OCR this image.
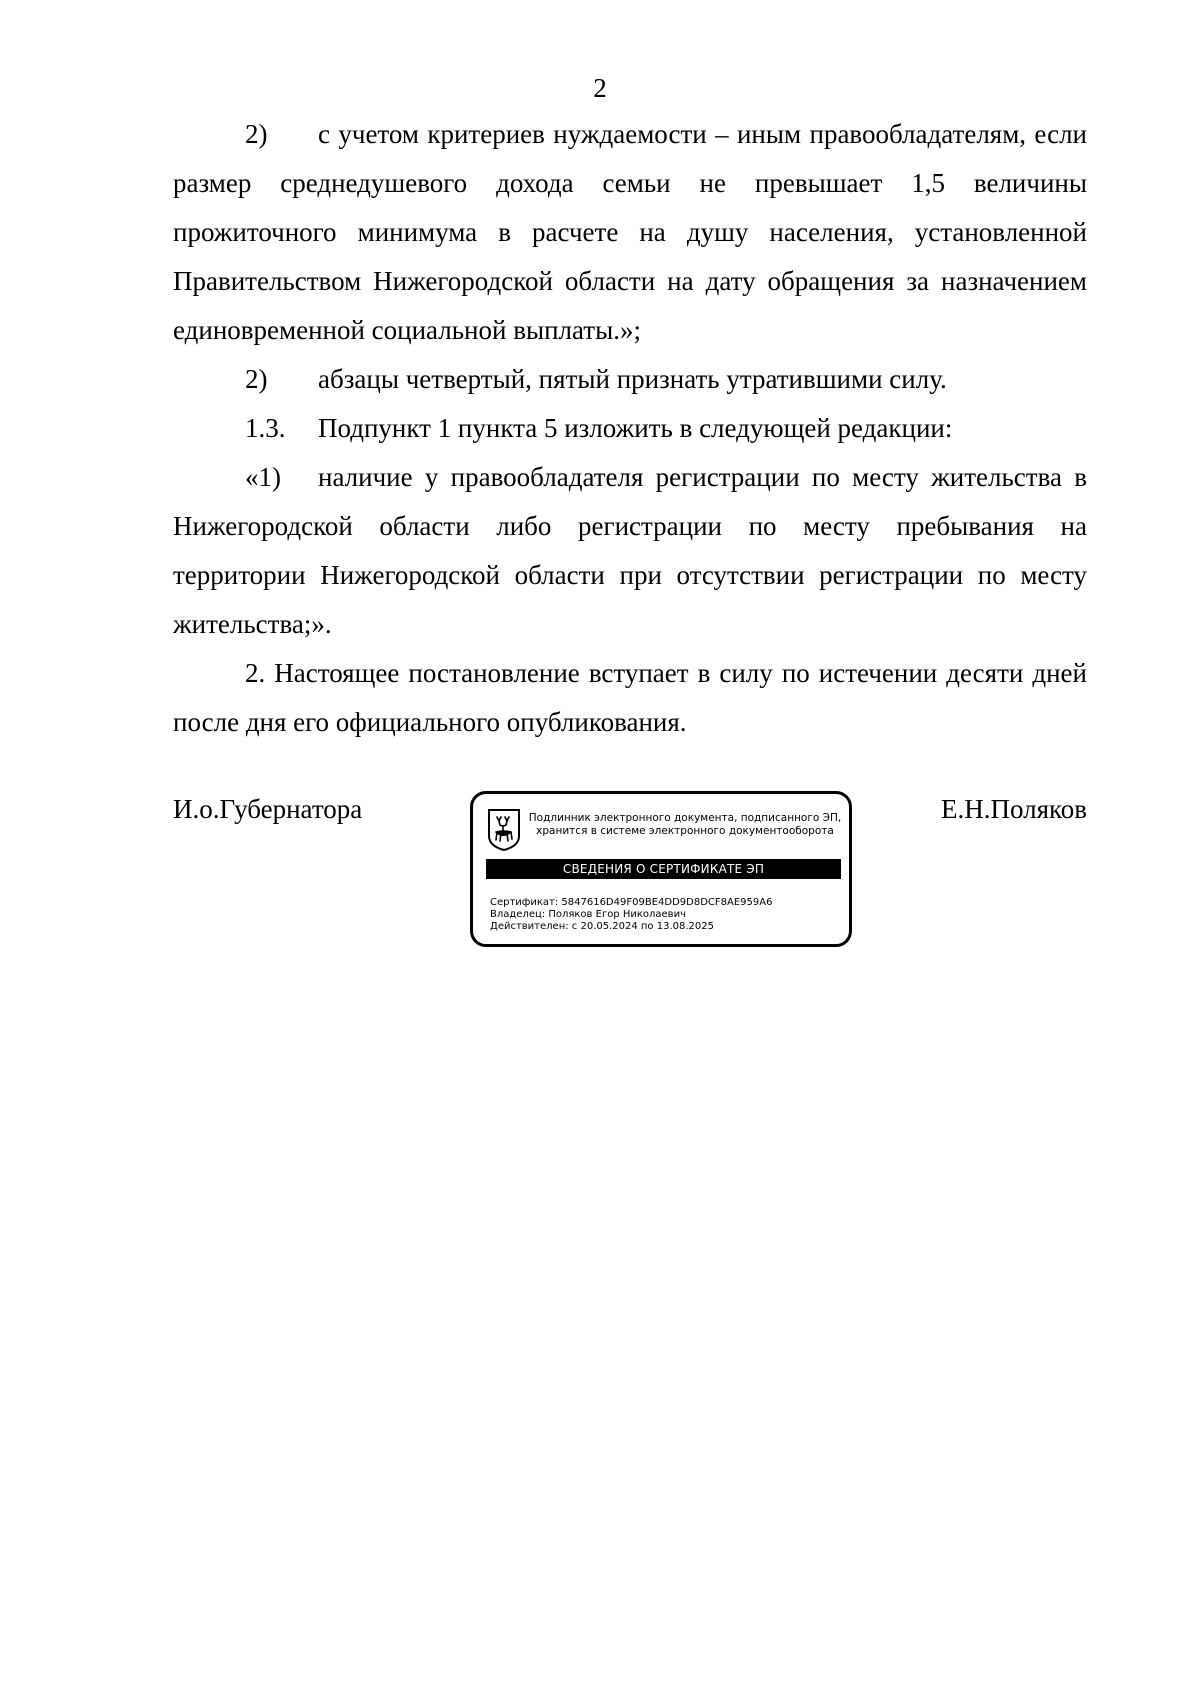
2

2) с учетом критериев нуждаемости – иным правообладателям, если размер среднедушевого дохода семьи не превышает 1,5 величины прожиточного минимума в расчете на душу населения, установленной Правительством Нижегородской области на дату обращения за назначением единовременной социальной выплаты.»;

2) абзацы четвертый, пятый признать утратившими силу.

1.3. Подпункт 1 пункта 5 изложить в следующей редакции:

«1) наличие у правообладателя регистрации по месту жительства в Нижегородской области либо регистрации по месту пребывания на территории Нижегородской области при отсутствии регистрации по месту жительства;».

2. Настоящее постановление вступает в силу по истечении десяти дней после дня его официального опубликования.

И.о.Губернатора	Е.Н.Поляков
Подлинник электронного документа, подписанного ЭП,
хранится в системе электронного документооборота
СВЕДЕНИЯ О СЕРТИФИКАТЕ ЭП
Сертификат: 5847616D49F09BE4DD9D8DCF8AE959A6
Владелец: Поляков Егор Николаевич
Действителен: с 20.05.2024 по 13.08.2025
